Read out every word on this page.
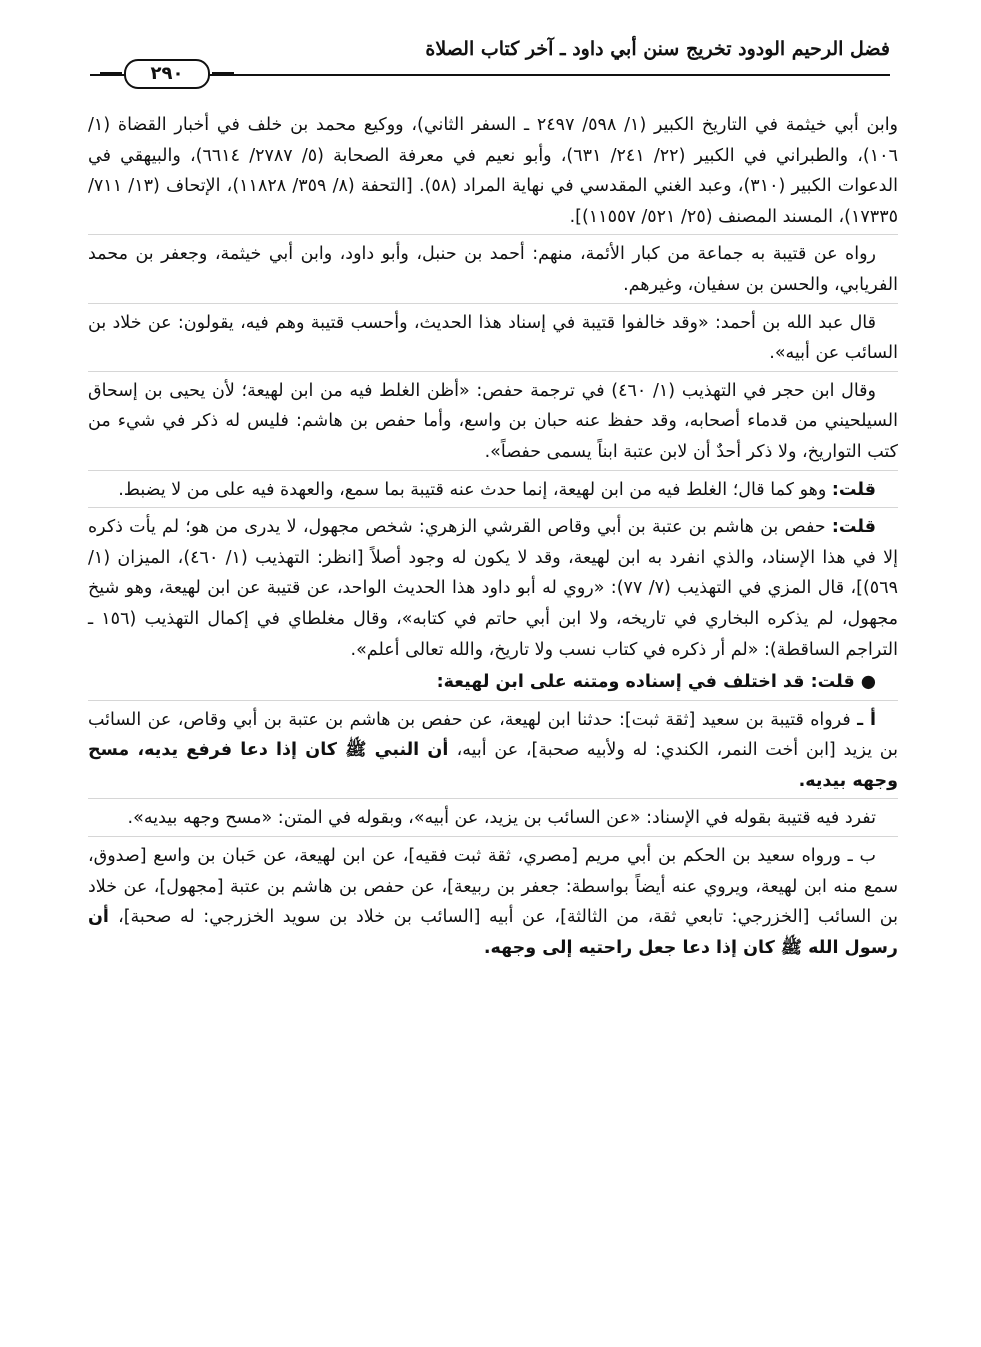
فضل الرحيم الودود تخريج سنن أبي داود ـ آخر كتاب الصلاة
٢٩٠

وابن أبي خيثمة في التاريخ الكبير (١/ ٥٩٨/ ٢٤٩٧ ـ السفر الثاني)، ووكيع محمد بن خلف في أخبار القضاة (١/ ١٠٦)، والطبراني في الكبير (٢٢/ ٢٤١/ ٦٣١)، وأبو نعيم في معرفة الصحابة (٥/ ٢٧٨٧/ ٦٦١٤)، والبيهقي في الدعوات الكبير (٣١٠)، وعبد الغني المقدسي في نهاية المراد (٥٨). [التحفة (٨/ ٣٥٩/ ١١٨٢٨)، الإتحاف (١٣/ ٧١١/ ١٧٣٣٥)، المسند المصنف (٢٥/ ٥٢١/ ١١٥٥٧)].

رواه عن قتيبة به جماعة من كبار الأئمة، منهم: أحمد بن حنبل، وأبو داود، وابن أبي خيثمة، وجعفر بن محمد الفريابي، والحسن بن سفيان، وغيرهم.

قال عبد الله بن أحمد: «وقد خالفوا قتيبة في إسناد هذا الحديث، وأحسب قتيبة وهم فيه، يقولون: عن خلاد بن السائب عن أبيه».

وقال ابن حجر في التهذيب (١/ ٤٦٠) في ترجمة حفص: «أظن الغلط فيه من ابن لهيعة؛ لأن يحيى بن إسحاق السيلحيني من قدماء أصحابه، وقد حفظ عنه حبان بن واسع، وأما حفص بن هاشم: فليس له ذكر في شيء من كتب التواريخ، ولا ذكر أحدٌ أن لابن عتبة ابناً يسمى حفصاً».

قلت: وهو كما قال؛ الغلط فيه من ابن لهيعة، إنما حدث عنه قتيبة بما سمع، والعهدة فيه على من لا يضبط.

قلت: حفص بن هاشم بن عتبة بن أبي وقاص القرشي الزهري: شخص مجهول، لا يدرى من هو؛ لم يأت ذكره إلا في هذا الإسناد، والذي انفرد به ابن لهيعة، وقد لا يكون له وجود أصلاً [انظر: التهذيب (١/ ٤٦٠)، الميزان (١/ ٥٦٩)]، قال المزي في التهذيب (٧/ ٧٧): «روي له أبو داود هذا الحديث الواحد، عن قتيبة عن ابن لهيعة، وهو شيخ مجهول، لم يذكره البخاري في تاريخه، ولا ابن أبي حاتم في كتابه»، وقال مغلطاي في إكمال التهذيب (١٥٦ ـ التراجم الساقطة): «لم أر ذكره في كتاب نسب ولا تاريخ، والله تعالى أعلم».

●قلت: قد اختلف في إسناده ومتنه على ابن لهيعة:

أ ـ فرواه قتيبة بن سعيد [ثقة ثبت]: حدثنا ابن لهيعة، عن حفص بن هاشم بن عتبة بن أبي وقاص، عن السائب بن يزيد [ابن أخت النمر، الكندي: له ولأبيه صحبة]، عن أبيه، أن النبي ﷺ كان إذا دعا فرفع يديه، مسح وجهه بيديه.

تفرد فيه قتيبة بقوله في الإسناد: «عن السائب بن يزيد، عن أبيه»، وبقوله في المتن: «مسح وجهه بيديه».

ب ـ ورواه سعيد بن الحكم بن أبي مريم [مصري، ثقة ثبت فقيه]، عن ابن لهيعة، عن حَبان بن واسع [صدوق، سمع منه ابن لهيعة، ويروي عنه أيضاً بواسطة: جعفر بن ربيعة]، عن حفص بن هاشم بن عتبة [مجهول]، عن خلاد بن السائب [الخزرجي: تابعي ثقة، من الثالثة]، عن أبيه [السائب بن خلاد بن سويد الخزرجي: له صحبة]، أن رسول الله ﷺ كان إذا دعا جعل راحتيه إلى وجهه.
